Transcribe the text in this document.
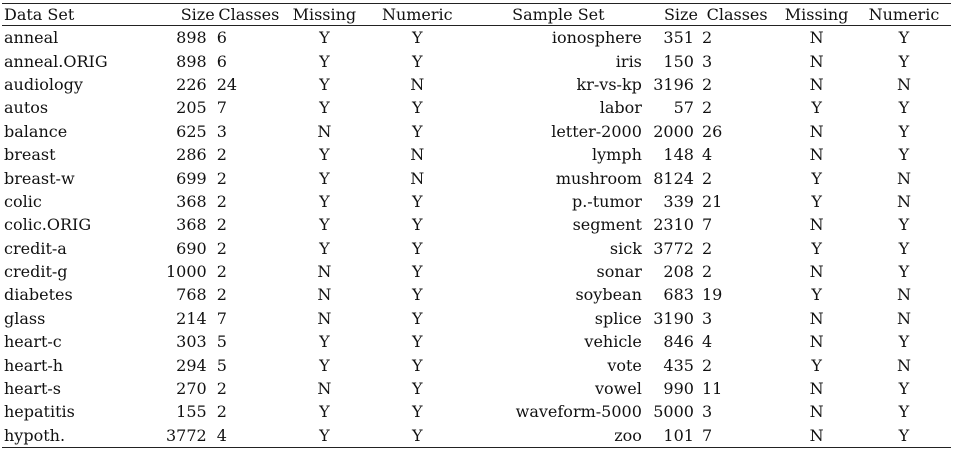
Data Set	Size	Classes	Missing	Numeric	Sample Set	Size	Classes	Missing	Numeric
anneal	898	6	Y	Y	ionosphere	351	2	N	Y
anneal.ORIG	898	6	Y	Y	iris	150	3	N	Y
audiology	226	24	Y	N	kr-vs-kp	3196	2	N	N
autos	205	7	Y	Y	labor	57	2	Y	Y
balance	625	3	N	Y	letter-2000	2000	26	N	Y
breast	286	2	Y	N	lymph	148	4	N	Y
breast-w	699	2	Y	N	mushroom	8124	2	Y	N
colic	368	2	Y	Y	p.-tumor	339	21	Y	N
colic.ORIG	368	2	Y	Y	segment	2310	7	N	Y
credit-a	690	2	Y	Y	sick	3772	2	Y	Y
credit-g	1000	2	N	Y	sonar	208	2	N	Y
diabetes	768	2	N	Y	soybean	683	19	Y	N
glass	214	7	N	Y	splice	3190	3	N	N
heart-c	303	5	Y	Y	vehicle	846	4	N	Y
heart-h	294	5	Y	Y	vote	435	2	Y	N
heart-s	270	2	N	Y	vowel	990	11	N	Y
hepatitis	155	2	Y	Y	waveform-5000	5000	3	N	Y
hypoth.	3772	4	Y	Y	zoo	101	7	N	Y
